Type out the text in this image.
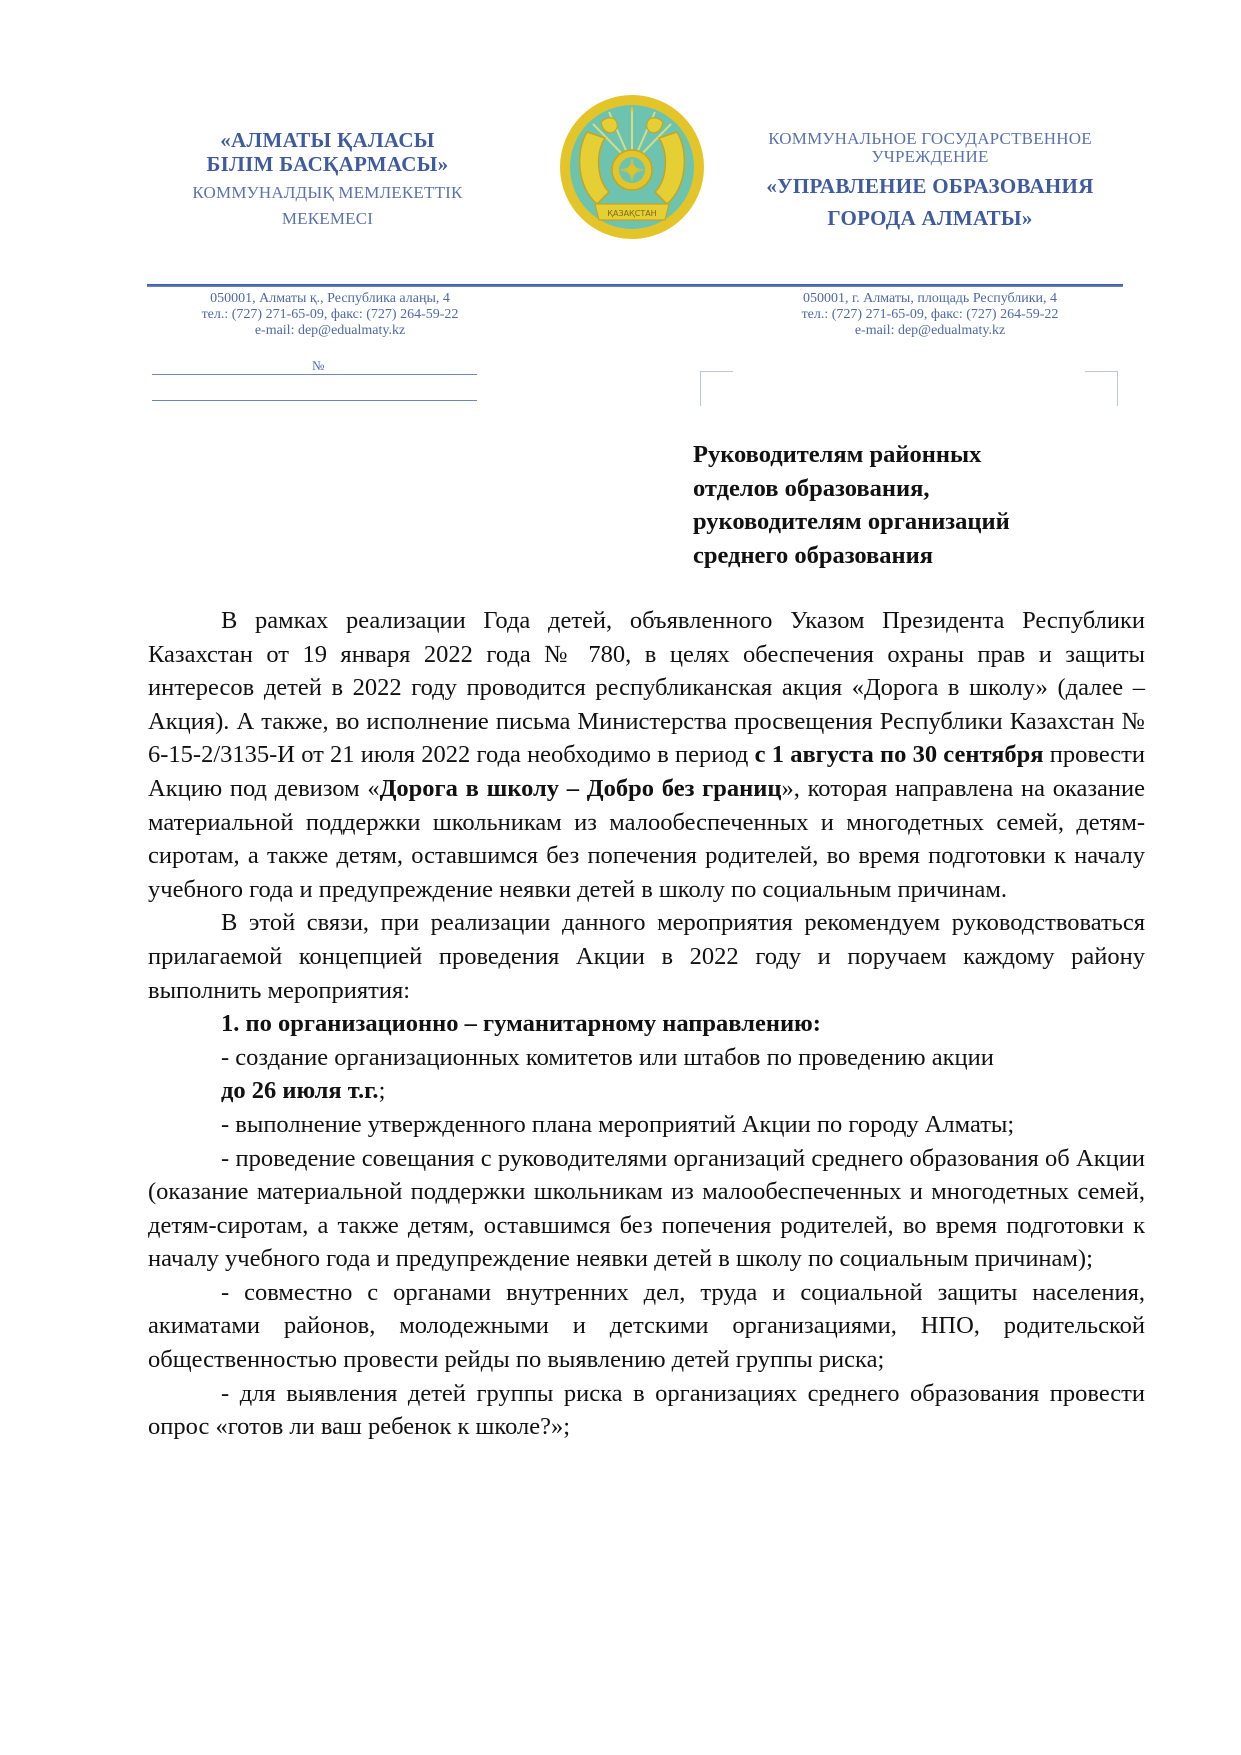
«АЛМАТЫ ҚАЛАСЫ
БІЛІМ БАСҚАРМАСЫ»
КОММУНАЛДЫҚ МЕМЛЕКЕТТІК
МЕКЕМЕСІ	ҚАЗАҚСТАН
КОММУНАЛЬНОЕ ГОСУДАРСТВЕННОЕ
УЧРЕЖДЕНИЕ
«УПРАВЛЕНИЕ ОБРАЗОВАНИЯ
ГОРОДА АЛМАТЫ»
050001, Алматы қ., Республика алаңы, 4
тел.: (727) 271-65-09, факс: (727) 264-59-22
e-mail: dep@edualmaty.kz
050001, г. Алматы, площадь Республики, 4
тел.: (727) 271-65-09, факс: (727) 264-59-22
e-mail: dep@edualmaty.kz
№
Руководителям районных
отделов образования,
руководителям организаций
среднего образования

В рамках реализации Года детей, объявленного Указом Президента Республики Казахстан от 19 января 2022 года № 780, в целях обеспечения охраны прав и защиты интересов детей в 2022 году проводится республиканская акция «Дорога в школу» (далее – Акция). А также, во исполнение письма Министерства просвещения Республики Казахстан № 6-15-2/3135-И от 21 июля 2022 года необходимо в период с 1 августа по 30 сентября провести Акцию под девизом «Дорога в школу – Добро без границ», которая направлена на оказание материальной поддержки школьникам из малообеспеченных и многодетных семей, детям-сиротам, а также детям, оставшимся без попечения родителей, во время подготовки к началу учебного года и предупреждение неявки детей в школу по социальным причинам.

В этой связи, при реализации данного мероприятия рекомендуем руководствоваться прилагаемой концепцией проведения Акции в 2022 году и поручаем каждому району выполнить мероприятия:

1. по организационно – гуманитарному направлению:

- создание организационных комитетов или штабов по проведению акции

до 26 июля т.г.;

- выполнение утвержденного плана мероприятий Акции по городу Алматы;

- проведение совещания с руководителями организаций среднего образования об Акции (оказание материальной поддержки школьникам из малообеспеченных и многодетных семей, детям-сиротам, а также детям, оставшимся без попечения родителей, во время подготовки к началу учебного года и предупреждение неявки детей в школу по социальным причинам);

- совместно с органами внутренних дел, труда и социальной защиты населения, акиматами районов, молодежными и детскими организациями, НПО, родительской общественностью провести рейды по выявлению детей группы риска;

- для выявления детей группы риска в организациях среднего образования провести опрос «готов ли ваш ребенок к школе?»;
